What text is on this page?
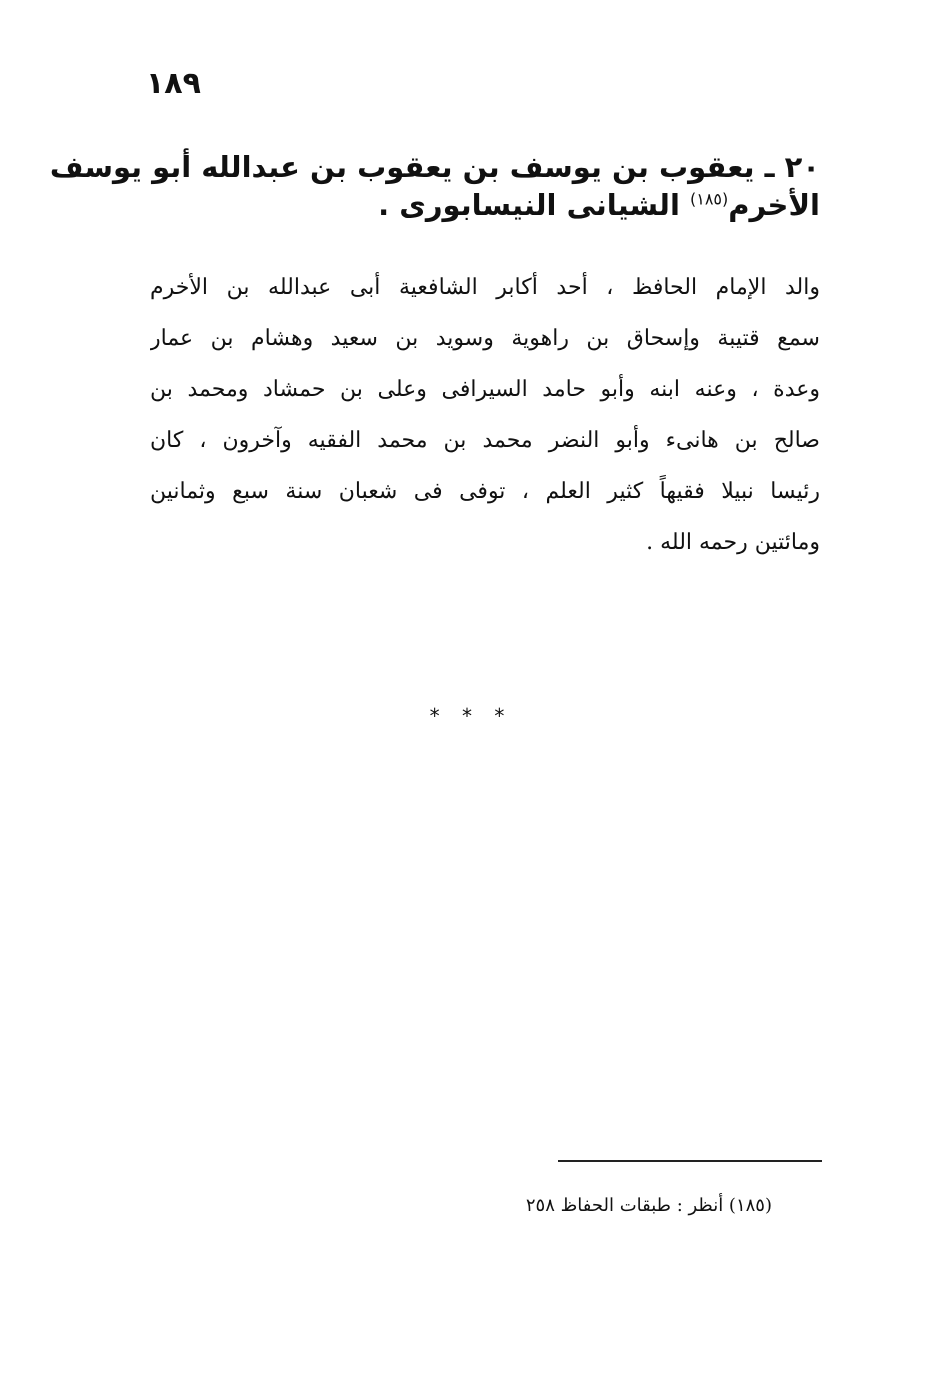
١٨٩
٢٠ ـ يعقوب بن يوسف بن يعقوب بن عبدالله أبو يوسف
الأخرم$^{(١٨٥)}$ الشيانى النيسابورى .
والد الإمام الحافظ ، أحد أكابر الشافعية أبى عبدالله بن الأخرم
سمع قتيبة وإسحاق بن راهوية وسويد بن سعيد وهشام بن عمار
وعدة ، وعنه ابنه وأبو حامد السيرافى وعلى بن حمشاد ومحمد بن
صالح بن هانىء وأبو النضر محمد بن محمد الفقيه وآخرون ، كان
رئيسا نبيلا فقيهاً كثير العلم ، توفى فى شعبان سنة سبع وثمانين
ومائتين رحمه الله .
* * *
(١٨٥) أنظر : طبقات الحفاظ ٢٥٨
